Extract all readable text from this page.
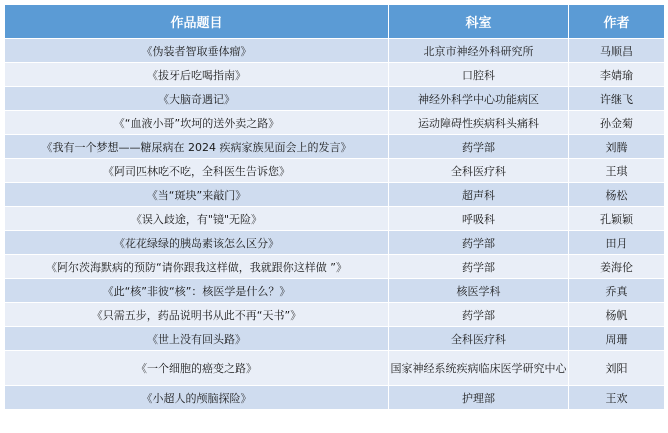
作品题目	科室	作者
《伪装者智取垂体瘤》	北京市神经外科研究所	马顺昌
《拔牙后吃喝指南》	口腔科	李婧瑜
《大脑奇遇记》	神经外科学中心功能病区	许继飞
《“血液小哥”坎坷的送外卖之路》	运动障碍性疾病科头痛科	孙金菊
《我有一个梦想——糖尿病在 2024 疾病家族见面会上的发言》	药学部	刘腾
《阿司匹林吃不吃，全科医生告诉您》	全科医疗科	王琪
《当“斑块”来敲门》	超声科	杨松
《误入歧途，有"镜"无险》	呼吸科	孔颖颖
《花花绿绿的胰岛素该怎么区分》	药学部	田月
《阿尔茨海默病的预防“请你跟我这样做，我就跟你这样做 ”》	药学部	姜海伦
《此“核”非彼“核”：核医学是什么？》	核医学科	乔真
《只需五步，药品说明书从此不再“天书”》	药学部	杨帆
《世上没有回头路》	全科医疗科	周珊
《一个细胞的癌变之路》	国家神经系统疾病临床医学研究中心	刘阳
《小超人的颅脑探险》	护理部	王欢
